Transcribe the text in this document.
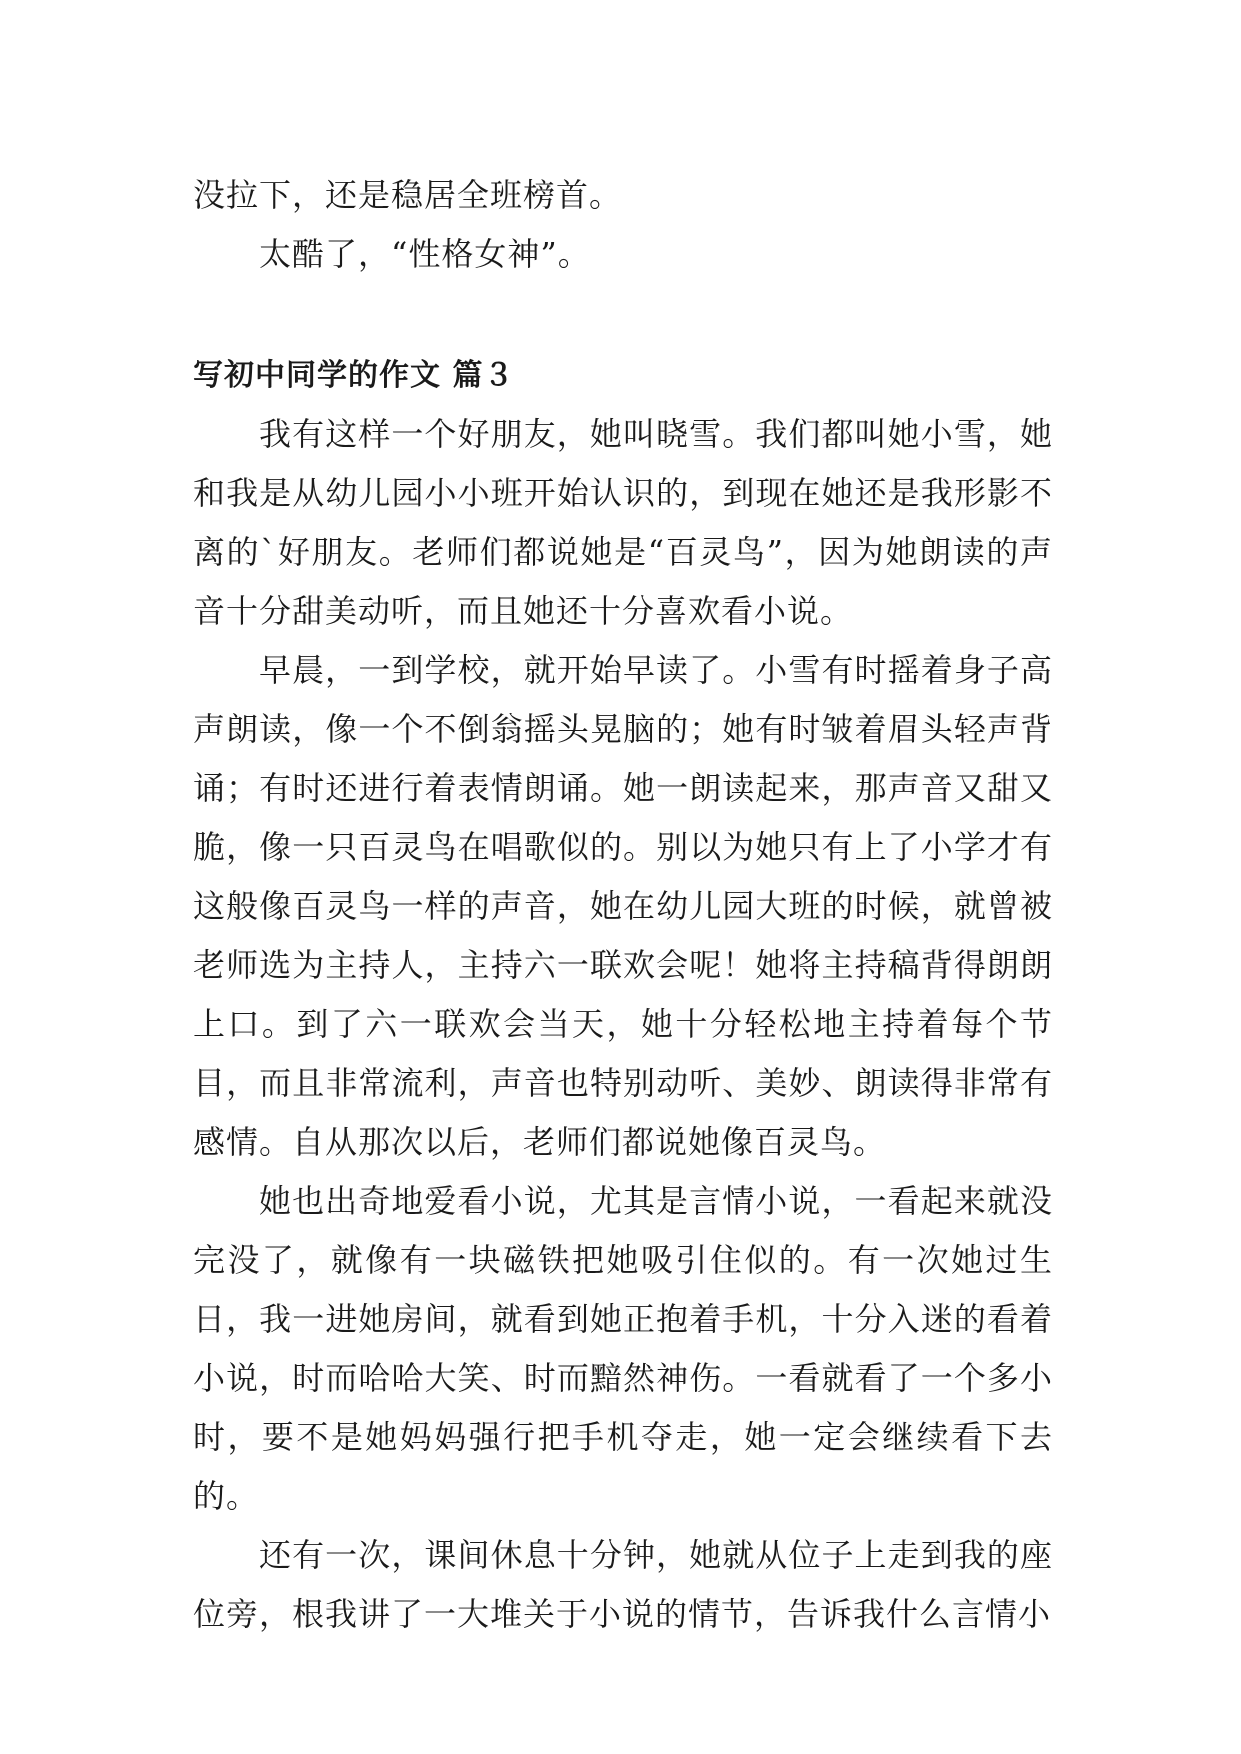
没拉下，还是稳居全班榜首。

太酷了，“性格女神”。

写初中同学的作文 篇３

我有这样一个好朋友，她叫晓雪。我们都叫她小雪，她和我是从幼儿园小小班开始认识的，到现在她还是我形影不离的`好朋友。老师们都说她是“百灵鸟”，因为她朗读的声音十分甜美动听，而且她还十分喜欢看小说。

早晨，一到学校，就开始早读了。小雪有时摇着身子高声朗读，像一个不倒翁摇头晃脑的；她有时皱着眉头轻声背诵；有时还进行着表情朗诵。她一朗读起来，那声音又甜又脆，像一只百灵鸟在唱歌似的。别以为她只有上了小学才有这般像百灵鸟一样的声音，她在幼儿园大班的时候，就曾被老师选为主持人，主持六一联欢会呢！她将主持稿背得朗朗上口。到了六一联欢会当天，她十分轻松地主持着每个节目，而且非常流利，声音也特别动听、美妙、朗读得非常有感情。自从那次以后，老师们都说她像百灵鸟。

她也出奇地爱看小说，尤其是言情小说，一看起来就没完没了，就像有一块磁铁把她吸引住似的。有一次她过生日，我一进她房间，就看到她正抱着手机，十分入迷的看着小说，时而哈哈大笑、时而黯然神伤。一看就看了一个多小时，要不是她妈妈强行把手机夺走，她一定会继续看下去的。

还有一次，课间休息十分钟，她就从位子上走到我的座位旁，根我讲了一大堆关于小说的情节，告诉我什么言情小
